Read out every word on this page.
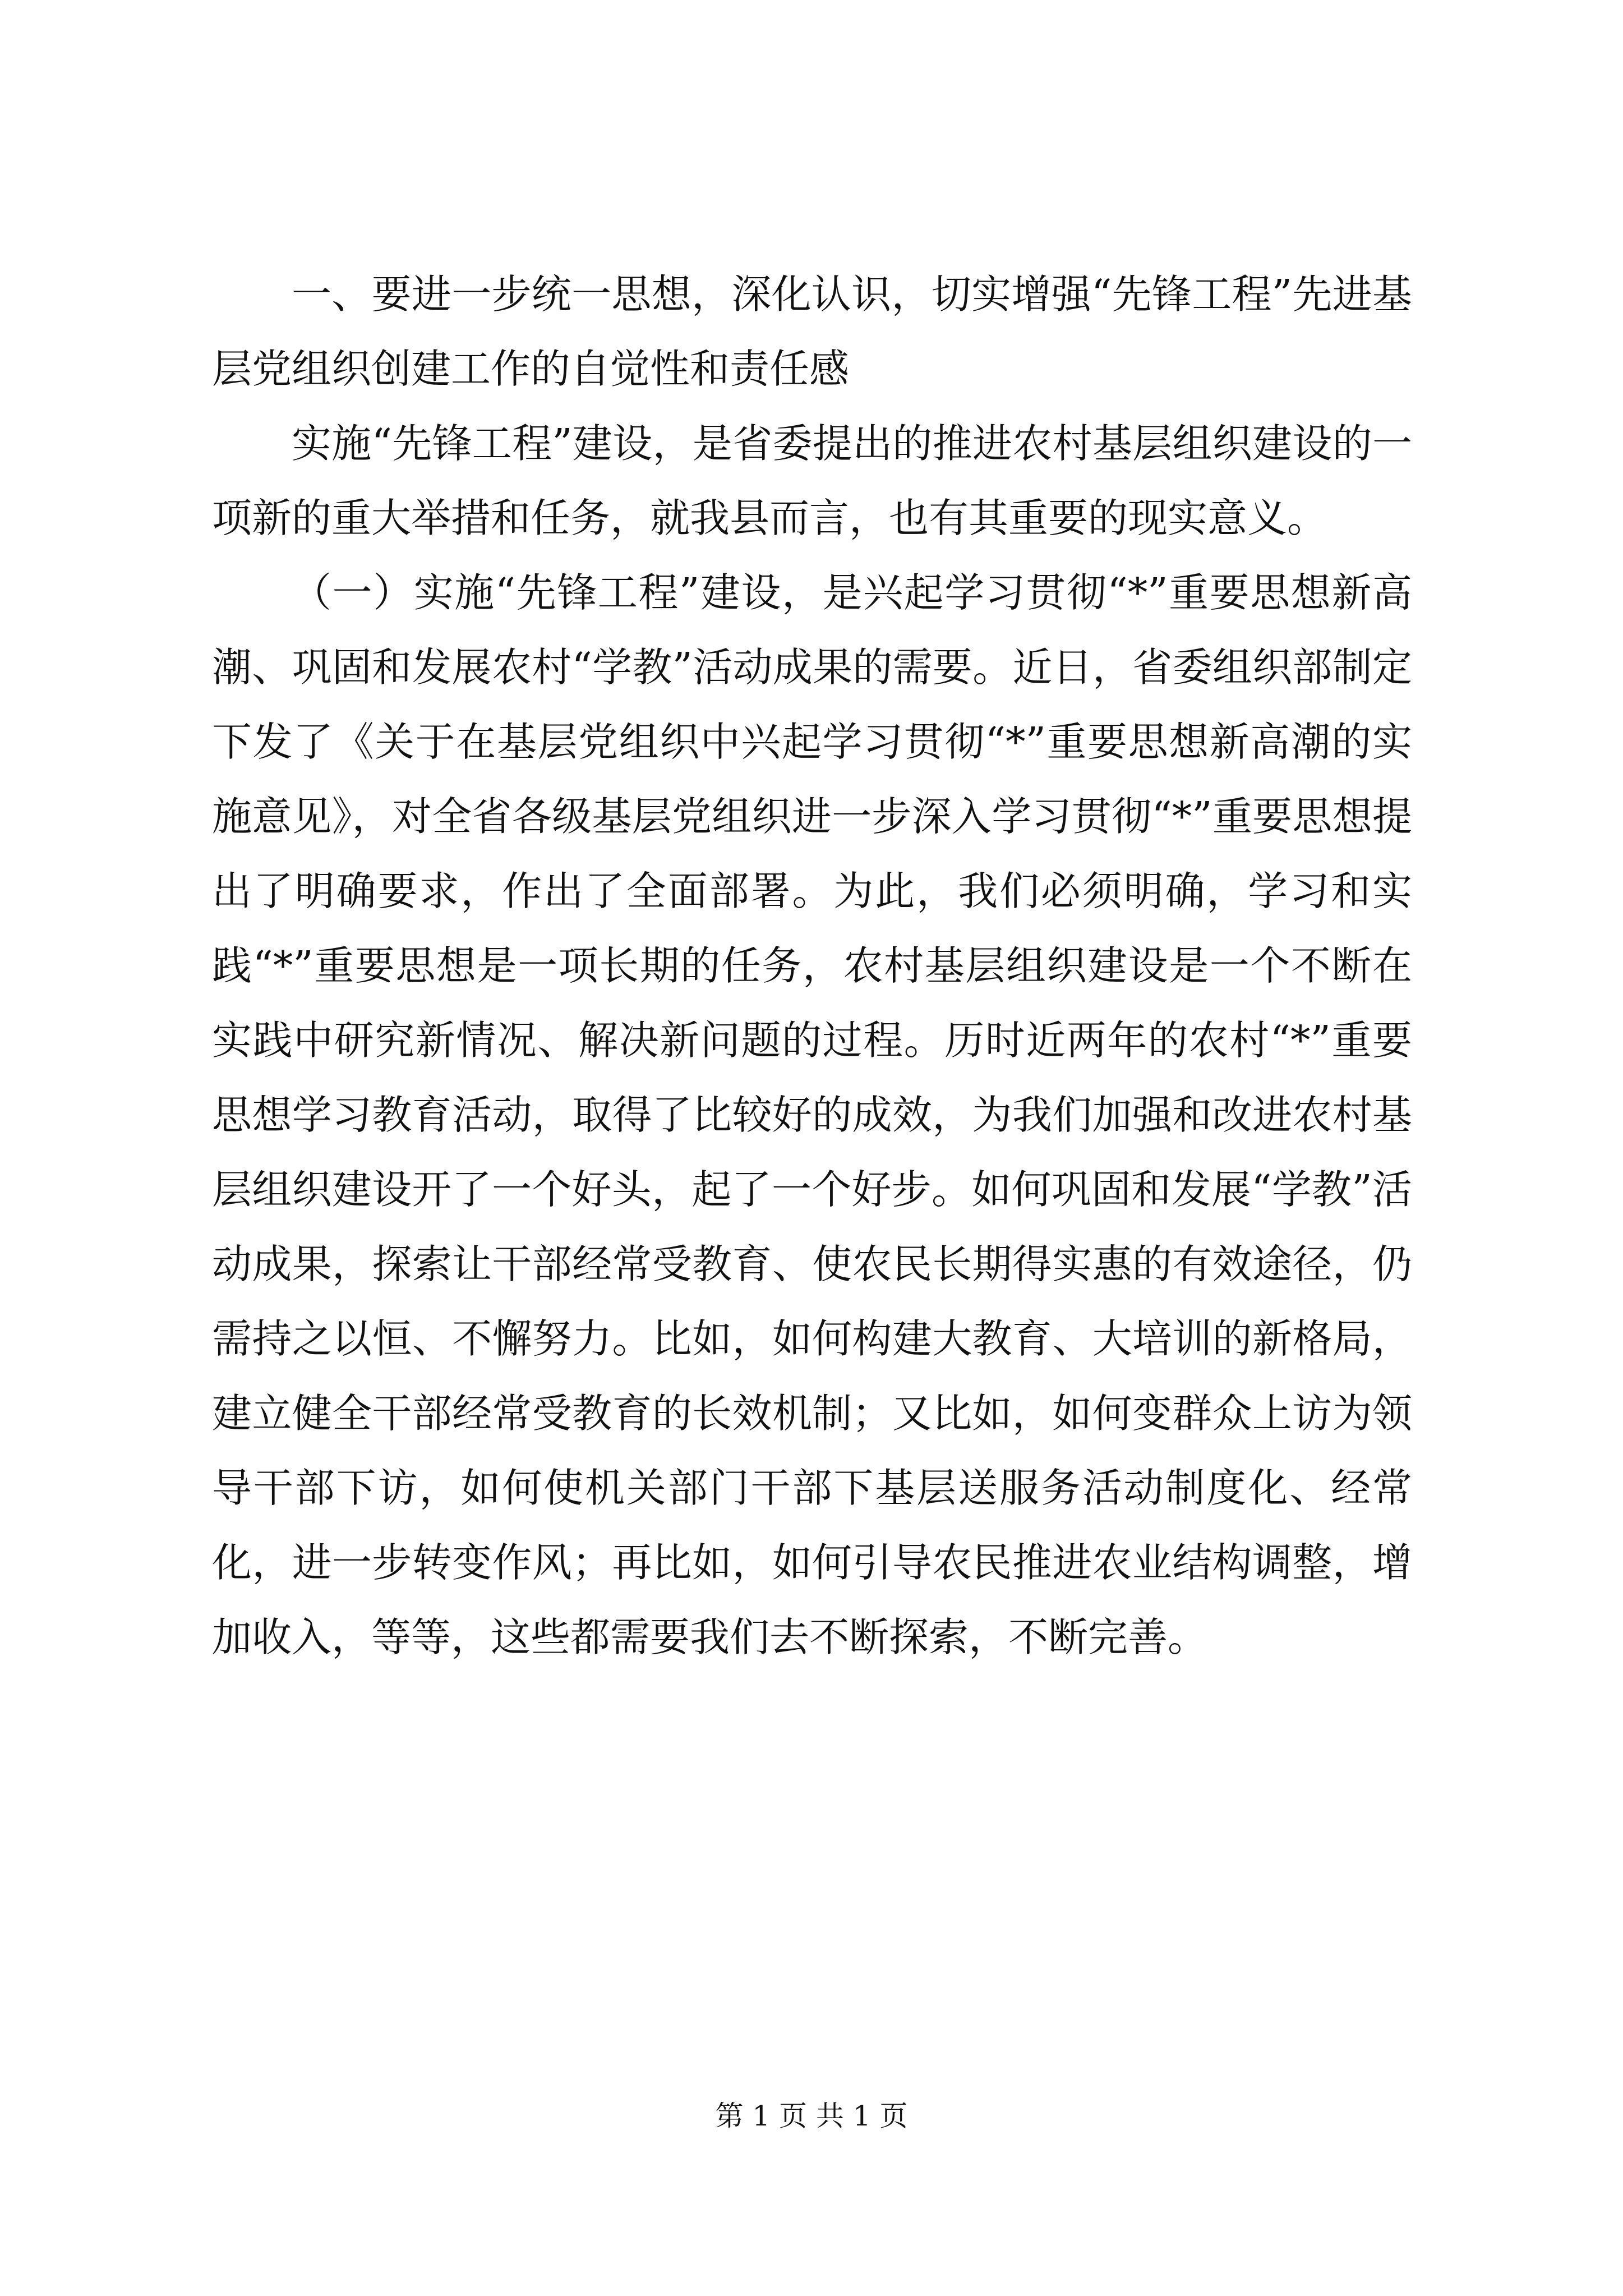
一、要进一步统一思想，深化认识，切实增强“先锋工程”先进基层党组织创建工作的自觉性和责任感

实施“先锋工程”建设，是省委提出的推进农村基层组织建设的一项新的重大举措和任务，就我县而言，也有其重要的现实意义。

（一）实施“先锋工程”建设，是兴起学习贯彻“*”重要思想新高潮、巩固和发展农村“学教”活动成果的需要。近日，省委组织部制定下发了《关于在基层党组织中兴起学习贯彻“*”重要思想新高潮的实施意见》，对全省各级基层党组织进一步深入学习贯彻“*”重要思想提出了明确要求，作出了全面部署。为此，我们必须明确，学习和实践“*”重要思想是一项长期的任务，农村基层组织建设是一个不断在实践中研究新情况、解决新问题的过程。历时近两年的农村“*”重要思想学习教育活动，取得了比较好的成效，为我们加强和改进农村基层组织建设开了一个好头，起了一个好步。如何巩固和发展“学教”活动成果，探索让干部经常受教育、使农民长期得实惠的有效途径，仍需持之以恒、不懈努力。比如，如何构建大教育、大培训的新格局，建立健全干部经常受教育的长效机制；又比如，如何变群众上访为领导干部下访，如何使机关部门干部下基层送服务活动制度化、经常化，进一步转变作风；再比如，如何引导农民推进农业结构调整，增加收入，等等，这些都需要我们去不断探索，不断完善。

第 1 页 共 1 页
